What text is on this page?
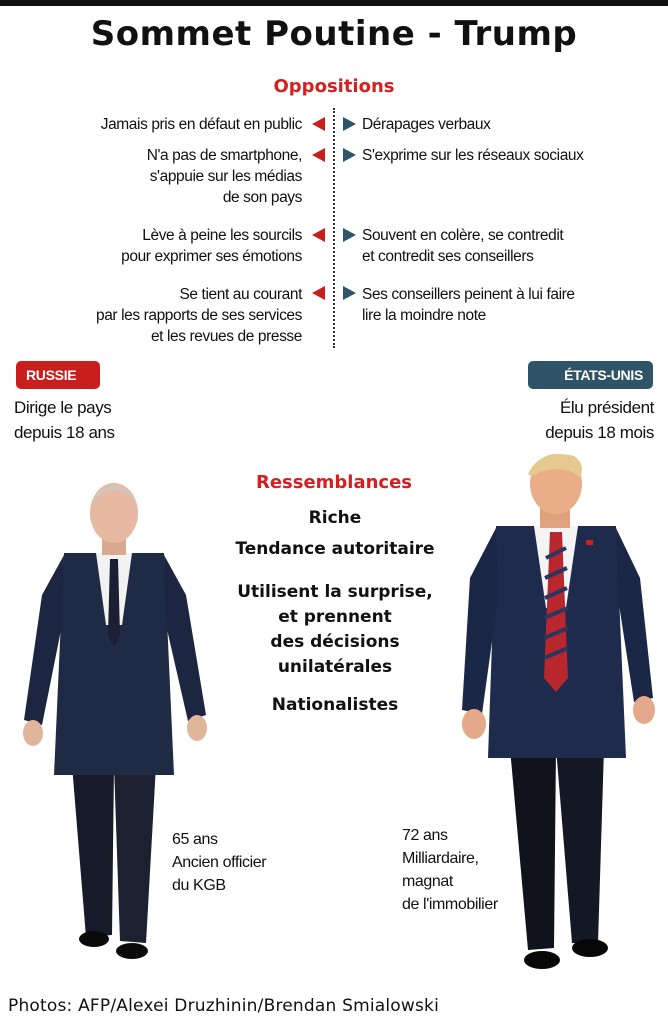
Sommet Poutine - Trump
Oppositions
Jamais pris en défaut en public	Dérapages verbaux
N'a pas de smartphone,
s'appuie sur les médias
de son pays
S'exprime sur les réseaux sociaux
Lève à peine les sourcils
pour exprimer ses émotions
Souvent en colère, se contredit
et contredit ses conseillers
Se tient au courant
par les rapports de ses services
et les revues de presse
Ses conseillers peinent à lui faire
lire la moindre note
RUSSIE	ÉTATS-UNIS
Dirige le pays
depuis 18 ans
Élu président
depuis 18 mois
Ressemblances
Riche
Tendance autoritaire
Utilisent la surprise,
et prennent
des décisions
unilatérales
Nationalistes
65 ans
Ancien officier
du KGB
72 ans
Milliardaire,
magnat
de l'immobilier
Photos: AFP/Alexei Druzhinin/Brendan Smialowski
